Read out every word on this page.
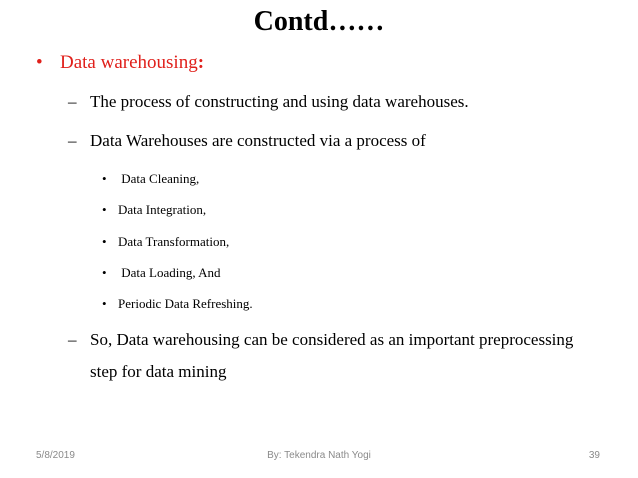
Contd……
• Data warehousing:
– The process of constructing and using data warehouses.
– Data Warehouses are constructed via a process of
• Data Cleaning,
• Data Integration,
• Data Transformation,
• Data Loading, And
• Periodic Data Refreshing.
– So, Data warehousing can be considered as an important preprocessing
step for data mining
5/8/2019	By: Tekendra Nath Yogi	39
